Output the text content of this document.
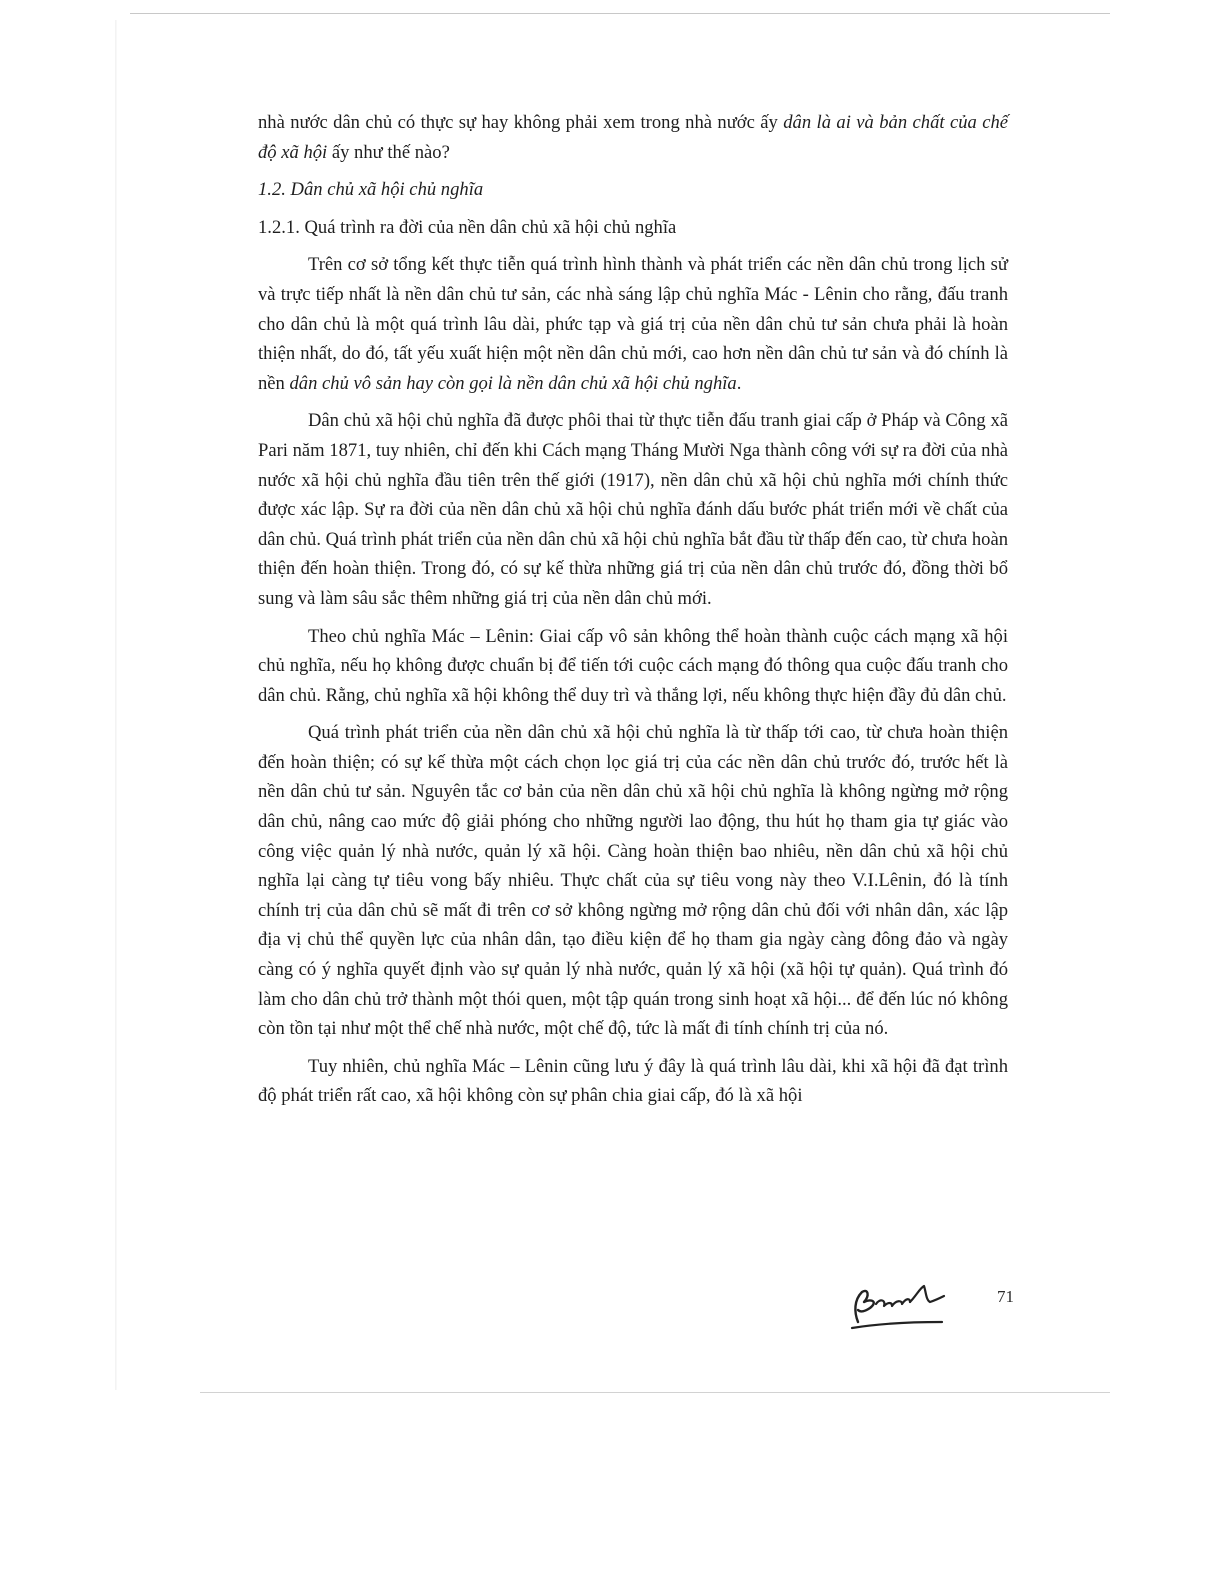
nhà nước dân chủ có thực sự hay không phải xem trong nhà nước ấy dân là ai và bản chất của chế độ xã hội ấy như thế nào?

1.2. Dân chủ xã hội chủ nghĩa

1.2.1. Quá trình ra đời của nền dân chủ xã hội chủ nghĩa

Trên cơ sở tổng kết thực tiễn quá trình hình thành và phát triển các nền dân chủ trong lịch sử và trực tiếp nhất là nền dân chủ tư sản, các nhà sáng lập chủ nghĩa Mác - Lênin cho rằng, đấu tranh cho dân chủ là một quá trình lâu dài, phức tạp và giá trị của nền dân chủ tư sản chưa phải là hoàn thiện nhất, do đó, tất yếu xuất hiện một nền dân chủ mới, cao hơn nền dân chủ tư sản và đó chính là nền dân chủ vô sản hay còn gọi là nền dân chủ xã hội chủ nghĩa.

Dân chủ xã hội chủ nghĩa đã được phôi thai từ thực tiễn đấu tranh giai cấp ở Pháp và Công xã Pari năm 1871, tuy nhiên, chỉ đến khi Cách mạng Tháng Mười Nga thành công với sự ra đời của nhà nước xã hội chủ nghĩa đầu tiên trên thế giới (1917), nền dân chủ xã hội chủ nghĩa mới chính thức được xác lập. Sự ra đời của nền dân chủ xã hội chủ nghĩa đánh dấu bước phát triển mới về chất của dân chủ. Quá trình phát triển của nền dân chủ xã hội chủ nghĩa bắt đầu từ thấp đến cao, từ chưa hoàn thiện đến hoàn thiện. Trong đó, có sự kế thừa những giá trị của nền dân chủ trước đó, đồng thời bổ sung và làm sâu sắc thêm những giá trị của nền dân chủ mới.

Theo chủ nghĩa Mác – Lênin: Giai cấp vô sản không thể hoàn thành cuộc cách mạng xã hội chủ nghĩa, nếu họ không được chuẩn bị để tiến tới cuộc cách mạng đó thông qua cuộc đấu tranh cho dân chủ. Rằng, chủ nghĩa xã hội không thể duy trì và thắng lợi, nếu không thực hiện đầy đủ dân chủ.

Quá trình phát triển của nền dân chủ xã hội chủ nghĩa là từ thấp tới cao, từ chưa hoàn thiện đến hoàn thiện; có sự kế thừa một cách chọn lọc giá trị của các nền dân chủ trước đó, trước hết là nền dân chủ tư sản. Nguyên tắc cơ bản của nền dân chủ xã hội chủ nghĩa là không ngừng mở rộng dân chủ, nâng cao mức độ giải phóng cho những người lao động, thu hút họ tham gia tự giác vào công việc quản lý nhà nước, quản lý xã hội. Càng hoàn thiện bao nhiêu, nền dân chủ xã hội chủ nghĩa lại càng tự tiêu vong bấy nhiêu. Thực chất của sự tiêu vong này theo V.I.Lênin, đó là tính chính trị của dân chủ sẽ mất đi trên cơ sở không ngừng mở rộng dân chủ đối với nhân dân, xác lập địa vị chủ thể quyền lực của nhân dân, tạo điều kiện để họ tham gia ngày càng đông đảo và ngày càng có ý nghĩa quyết định vào sự quản lý nhà nước, quản lý xã hội (xã hội tự quản). Quá trình đó làm cho dân chủ trở thành một thói quen, một tập quán trong sinh hoạt xã hội... để đến lúc nó không còn tồn tại như một thể chế nhà nước, một chế độ, tức là mất đi tính chính trị của nó.

Tuy nhiên, chủ nghĩa Mác – Lênin cũng lưu ý đây là quá trình lâu dài, khi xã hội đã đạt trình độ phát triển rất cao, xã hội không còn sự phân chia giai cấp, đó là xã hội

71
